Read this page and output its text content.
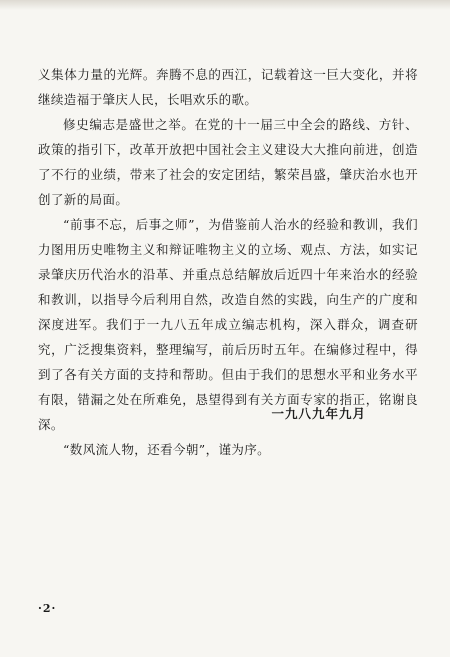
义集体力量的光辉。奔腾不息的西江，记载着这一巨大变化，并将继续造福于肇庆人民，长唱欢乐的歌。

修史编志是盛世之举。在党的十一届三中全会的路线、方针、政策的指引下，改革开放把中国社会主义建设大大推向前进，创造了不行的业绩，带来了社会的安定团结，繁荣昌盛，肇庆治水也开创了新的局面。

“前事不忘，后事之师”，为借鉴前人治水的经验和教训，我们力图用历史唯物主义和辩证唯物主义的立场、观点、方法，如实记录肇庆历代治水的沿革、并重点总结解放后近四十年来治水的经验和教训，以指导今后利用自然，改造自然的实践，向生产的广度和深度进军。我们于一九八五年成立编志机构，深入群众，调查研究，广泛搜集资料，整理编写，前后历时五年。在编修过程中，得到了各有关方面的支持和帮助。但由于我们的思想水平和业务水平有限，错漏之处在所难免，恳望得到有关方面专家的指正，铭谢良深。

“数风流人物，还看今朝”，谨为序。

一九八九年九月
·2·
